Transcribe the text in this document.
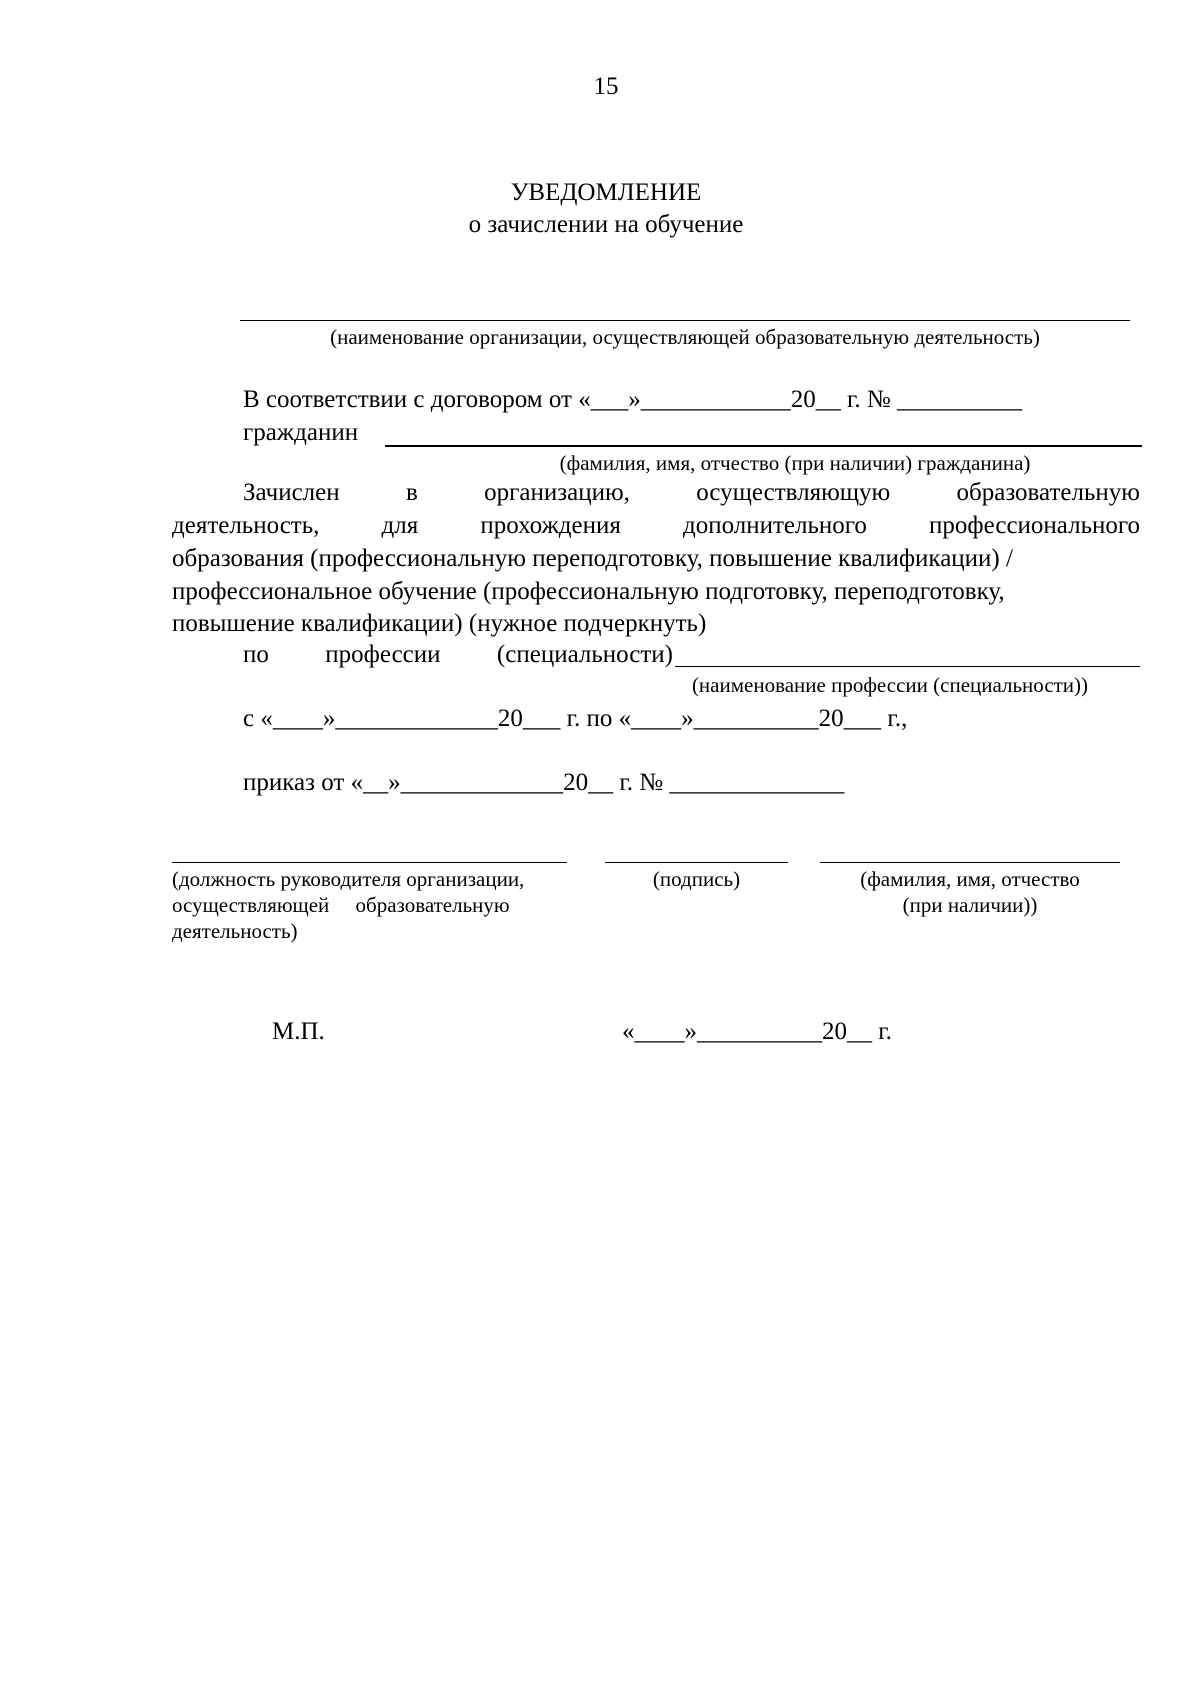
15
УВЕДОМЛЕНИЕ
о зачислении на обучение
(наименование организации, осуществляющей образовательную деятельность)
В соответствии с договором от «___»____________20__ г. № __________
гражданин
(фамилия, имя, отчество (при наличии) гражданина)
Зачислен	в	организацию,	осуществляющую	образовательную
деятельность, для прохождения дополнительного профессионального
образования (профессиональную переподготовку, повышение квалификации) /
профессиональное обучение (профессиональную подготовку, переподготовку,
повышение квалификации) (нужное подчеркнуть)
по профессии (специальности)
(наименование профессии (специальности))
с «____»_____________20___ г. по «____»__________20___ г.,
приказ от «__»_____________20__ г. № ______________
(должность руководителя организации,
осуществляющей     образовательную
деятельность)
(подпись)	(фамилия, имя, отчество
(при наличии))
М.П.	«____»__________20__ г.
